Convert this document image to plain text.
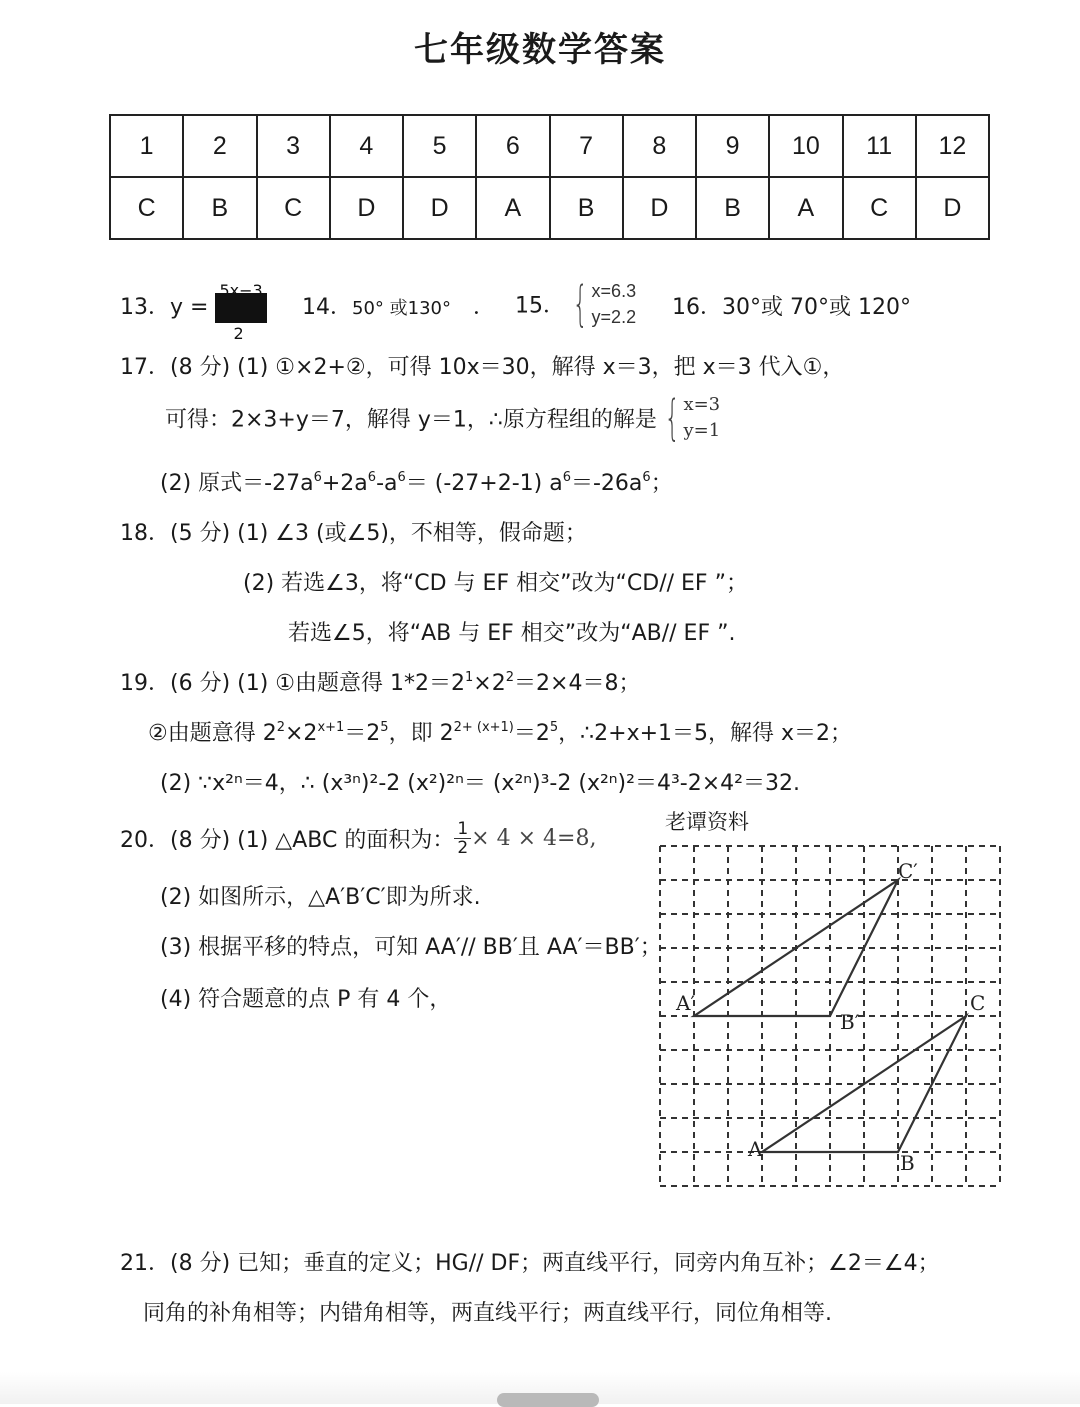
七年级数学答案
1	2	3	4	5	6	7	8	9	10	11	12
C	B	C	D	D	A	B	D	B	A	C	D
13．y =
5x−3
2
14．50° 或130° ． 15． { x=6.3
y=2.2 16．30°或 70°或 120°
17．(8 分) (1) ①×2+②，可得 10x＝30，解得 x＝3，把 x＝3 代入①，
可得：2×3+y＝7，解得 y＝1，∴原方程组的解是 { x=3
y=1
(2) 原式$=-27a^6+2a^6-a^6= (-27+2-1)$ $a^6=-26a^6$；
18．(5 分) (1) ∠3 (或∠5)，不相等，假命题；
(2) 若选∠3，将“CD 与 EF 相交”改为“CD// EF ”；
若选∠5，将“AB 与 EF 相交”改为“AB// EF ”.
19．(6 分) (1) ①由题意得 $1*2=2^1\times 2^2=2\times 4=8$；
②由题意得 $2^2\times 2^{x+1}=2^5$，即 $2^{2+ (x+1)}=2^5$，∴2+x+1＝5，解得 x＝2；
(2) ∵x²ⁿ＝4，∴ (x³ⁿ)²-2 (x²)²ⁿ＝ (x²ⁿ)³-2 (x²ⁿ)²＝4³-2×4²＝32.
20．(8 分) (1) △ABC 的面积为： $\frac{1}{2} \times 4 \times 4=8$,
(2) 如图所示，△A′B′C′即为所求.
(3) 根据平移的特点，可知 AA′// BB′且 AA′＝BB′；
(4) 符合题意的点 P 有 4 个，
老谭资料
A′
B′
C′
A
B
C
21．(8 分) 已知；垂直的定义；HG// DF；两直线平行，同旁内角互补；∠2＝∠4；
同角的补角相等；内错角相等，两直线平行；两直线平行，同位角相等.
